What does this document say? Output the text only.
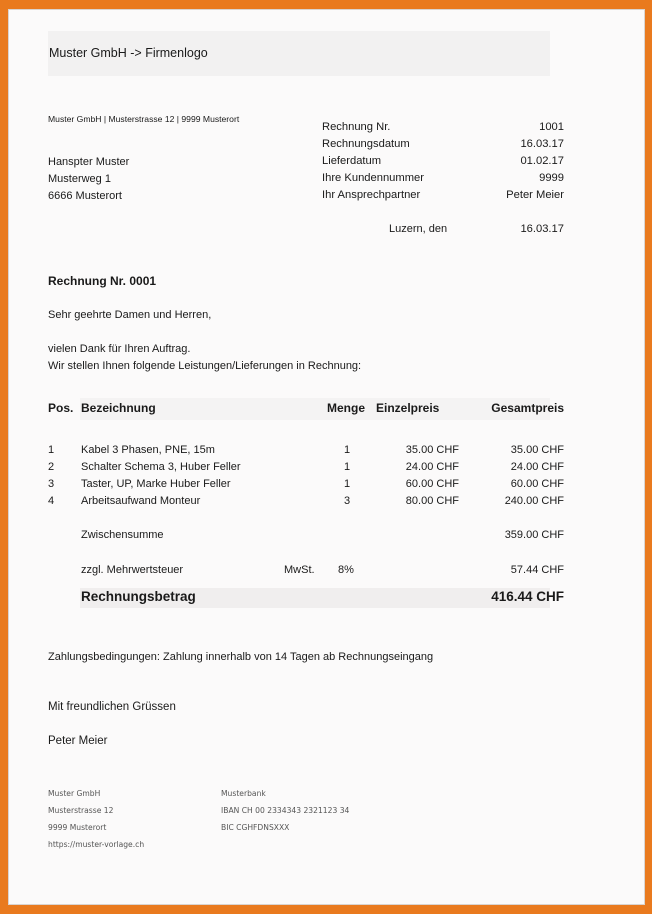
Muster GmbH -> Firmenlogo
Muster GmbH | Musterstrasse 12 | 9999 Musterort
Hanspter Muster
Musterweg 1
6666 Musterort
Rechnung Nr.	1001
Rechnungsdatum	16.03.17
Lieferdatum	01.02.17
Ihre Kundennummer	9999
Ihr Ansprechpartner	Peter Meier
Luzern, den	16.03.17
Rechnung Nr. 0001
Sehr geehrte Damen und Herren,
vielen Dank für Ihren Auftrag.
Wir stellen Ihnen folgende Leistungen/Lieferungen in Rechnung:
Pos. Bezeichnung	Menge Einzelpreis	Gesamtpreis
1 Kabel 3 Phasen, PNE, 15m	1	35.00 CHF	35.00 CHF
2 Schalter Schema 3, Huber Feller	1	24.00 CHF	24.00 CHF
3 Taster, UP, Marke Huber Feller	1	60.00 CHF	60.00 CHF
4 Arbeitsaufwand Monteur	3	80.00 CHF	240.00 CHF
Zwischensumme	359.00 CHF
zzgl. Mehrwertsteuer	MwSt. 8%	57.44 CHF
Rechnungsbetrag	416.44 CHF
Zahlungsbedingungen: Zahlung innerhalb von 14 Tagen ab Rechnungseingang
Mit freundlichen Grüssen
Peter Meier
Muster GmbH
Musterstrasse 12
9999 Musterort
https://muster-vorlage.ch
Musterbank
IBAN CH 00 2334343 2321123 34
BIC CGHFDNSXXX
